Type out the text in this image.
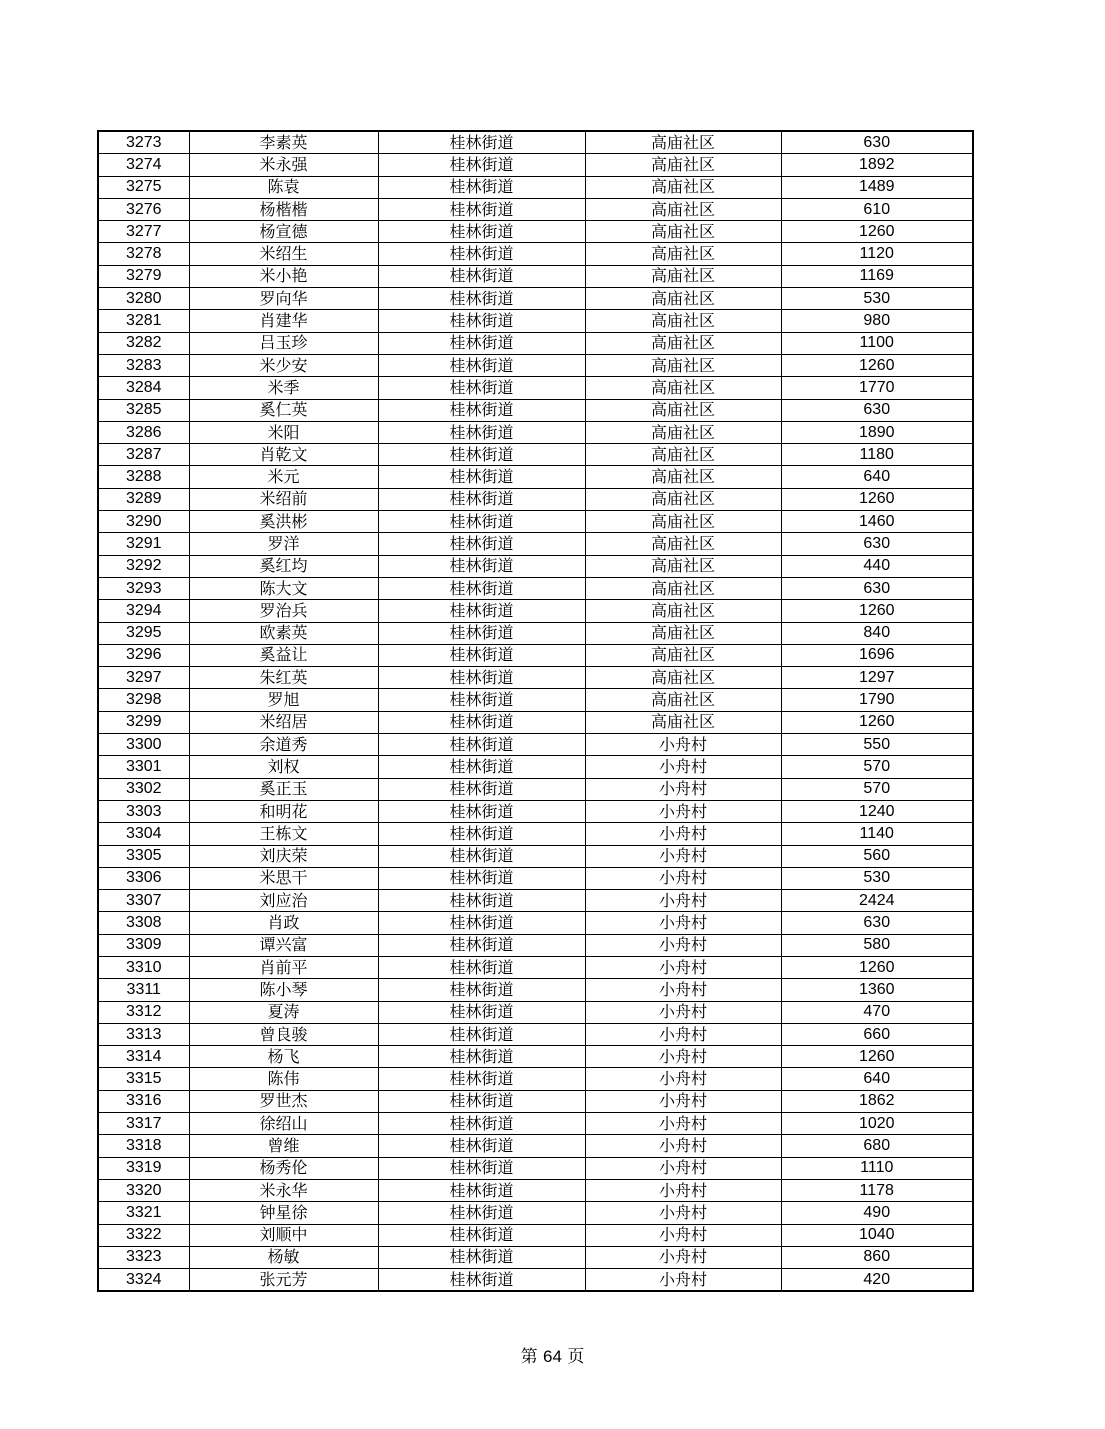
3273	李素英	桂林街道	高庙社区	630
3274	米永强	桂林街道	高庙社区	1892
3275	陈袁	桂林街道	高庙社区	1489
3276	杨楷楷	桂林街道	高庙社区	610
3277	杨宣德	桂林街道	高庙社区	1260
3278	米绍生	桂林街道	高庙社区	1120
3279	米小艳	桂林街道	高庙社区	1169
3280	罗向华	桂林街道	高庙社区	530
3281	肖建华	桂林街道	高庙社区	980
3282	吕玉珍	桂林街道	高庙社区	1100
3283	米少安	桂林街道	高庙社区	1260
3284	米季	桂林街道	高庙社区	1770
3285	奚仁英	桂林街道	高庙社区	630
3286	米阳	桂林街道	高庙社区	1890
3287	肖乾文	桂林街道	高庙社区	1180
3288	米元	桂林街道	高庙社区	640
3289	米绍前	桂林街道	高庙社区	1260
3290	奚洪彬	桂林街道	高庙社区	1460
3291	罗洋	桂林街道	高庙社区	630
3292	奚红均	桂林街道	高庙社区	440
3293	陈大文	桂林街道	高庙社区	630
3294	罗治兵	桂林街道	高庙社区	1260
3295	欧素英	桂林街道	高庙社区	840
3296	奚益让	桂林街道	高庙社区	1696
3297	朱红英	桂林街道	高庙社区	1297
3298	罗旭	桂林街道	高庙社区	1790
3299	米绍居	桂林街道	高庙社区	1260
3300	余道秀	桂林街道	小舟村	550
3301	刘权	桂林街道	小舟村	570
3302	奚正玉	桂林街道	小舟村	570
3303	和明花	桂林街道	小舟村	1240
3304	王栋文	桂林街道	小舟村	1140
3305	刘庆荣	桂林街道	小舟村	560
3306	米思干	桂林街道	小舟村	530
3307	刘应治	桂林街道	小舟村	2424
3308	肖政	桂林街道	小舟村	630
3309	谭兴富	桂林街道	小舟村	580
3310	肖前平	桂林街道	小舟村	1260
3311	陈小琴	桂林街道	小舟村	1360
3312	夏涛	桂林街道	小舟村	470
3313	曾良骏	桂林街道	小舟村	660
3314	杨飞	桂林街道	小舟村	1260
3315	陈伟	桂林街道	小舟村	640
3316	罗世杰	桂林街道	小舟村	1862
3317	徐绍山	桂林街道	小舟村	1020
3318	曾维	桂林街道	小舟村	680
3319	杨秀伦	桂林街道	小舟村	1110
3320	米永华	桂林街道	小舟村	1178
3321	钟星徐	桂林街道	小舟村	490
3322	刘顺中	桂林街道	小舟村	1040
3323	杨敏	桂林街道	小舟村	860
3324	张元芳	桂林街道	小舟村	420
第 64 页
